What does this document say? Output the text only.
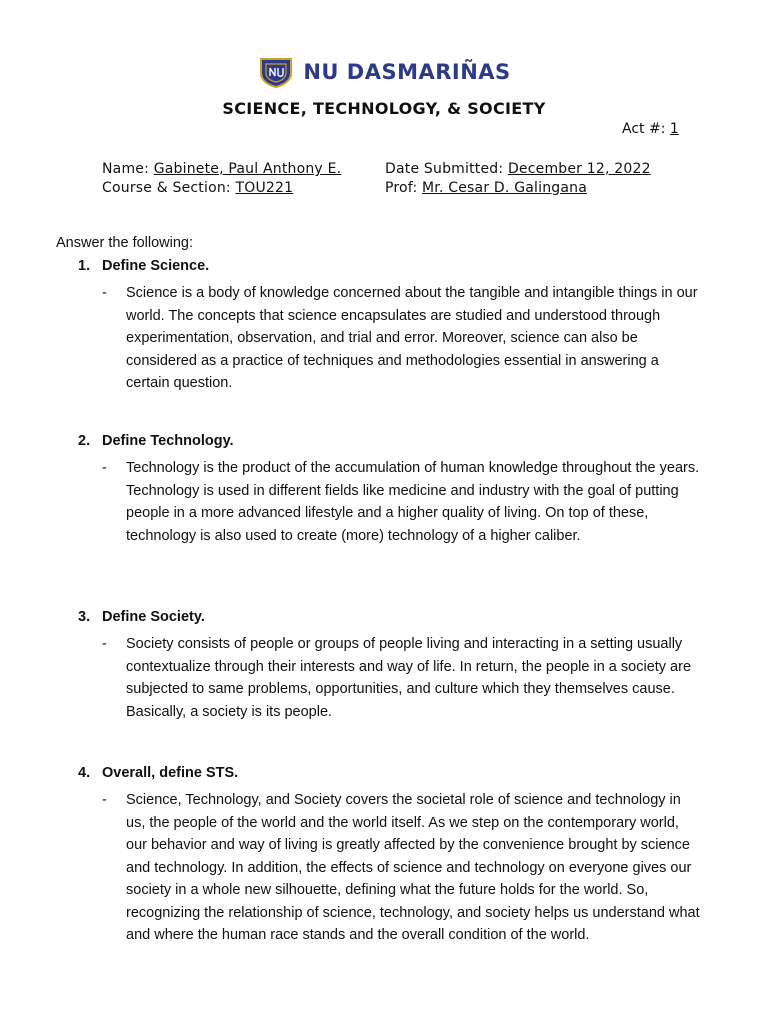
NU DASMARIÑAS
SCIENCE, TECHNOLOGY, & SOCIETY
Act #: 1
Name: Gabinete, Paul Anthony E.	Date Submitted: December 12, 2022
Course & Section: TOU221	Prof: Mr. Cesar D. Galingana
Answer the following:
1. Define Science.
-	Science is a body of knowledge concerned about the tangible and intangible things in our world. The concepts that science encapsulates are studied and understood through experimentation, observation, and trial and error. Moreover, science can also be considered as a practice of techniques and methodologies essential in answering a certain question.
2. Define Technology.
-	Technology is the product of the accumulation of human knowledge throughout the years. Technology is used in different fields like medicine and industry with the goal of putting people in a more advanced lifestyle and a higher quality of living. On top of these, technology is also used to create (more) technology of a higher caliber.
3. Define Society.
-	Society consists of people or groups of people living and interacting in a setting usually contextualize through their interests and way of life. In return, the people in a society are subjected to same problems, opportunities, and culture which they themselves cause. Basically, a society is its people.
4. Overall, define STS.
-	Science, Technology, and Society covers the societal role of science and technology in us, the people of the world and the world itself. As we step on the contemporary world, our behavior and way of living is greatly affected by the convenience brought by science and technology. In addition, the effects of science and technology on everyone gives our society in a whole new silhouette, defining what the future holds for the world. So, recognizing the relationship of science, technology, and society helps us understand what and where the human race stands and the overall condition of the world.
